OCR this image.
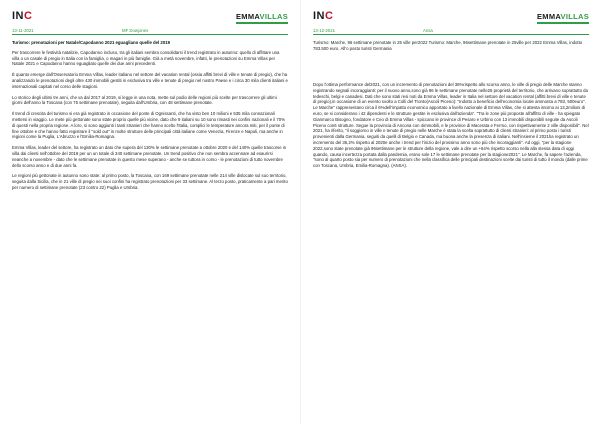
INC	EMMAVILLAS
13-11-2021	MF Dowjones

Turismo: prenotazioni per Natale/Capodanno 2021 eguagliano quelle del 2019

Per trascorrere le festività natalizie, Capodanno incluso, tra gli italiani sembra consolidarsi il trend registrato in autunno: quello di affittare una villa o un casale di pregio in Italia con la famiglia, o magari in più famiglie. Già a metà novembre, infatti, le prenotazioni su Emma Villas per Natale 2021 e Capodanno hanno eguagliato quelle dei due anni precedenti.

È quanto emerge dall'Osservatorio Emma Villas, leader italiano nel settore del vacation rental (ossia affitti brevi di ville e tenute di pregio), che ha analizzando le prenotazioni degli oltre 430 immobili gestiti in esclusiva tra ville e tenute di pregio nel nostro Paese e i circa 30 mila clienti italiani e internazionali capitati nel corso delle stagioni.

Lo storico degli ultimi tre anni, che va dal 2017 al 2019, si legge in una nota, mette sul podio delle regioni più scelte per trascorrere gli ultimi giorni dell'anno la Toscana (con 75 settimane prenotate), seguita dall'Umbria, con 48 settimane prenotate.

Il trend di crescita del turismo si era già registrato in occasione del ponte di Ognissanti, che ha visto ben 10 milioni e 535 mila connazionali mettersi in viaggio. Le mete più gettonate sono state proprio quelle più vicine, dato che 9 italiani su 10 sono rimasti nei confini nazionali e il 70% di questi nella propria regione. A loro, si sono aggiunti i tanti stranieri che hanno scelto l'Italia, complici le temperature ancora miti, per il ponte di fine ottobre e che hanno fatto registrare il "sold out" in molte strutture delle principali città italiane come Venezia, Firenze e Napoli, ma anche in regioni come la Puglia, L'Abruzzo e l'Emilia-Romagna.

Emma Villas, leader del settore, ha registrato un dato che supera del 130% le settimane prenotate a ottobre 2020 e del 140% quelle trascorse in villa dai clienti nell'ottobre del 2019 per un un totale di 340 settimane prenotate. Un trend positivo che non sembra accennare ad esaurirsi neanche a novembre - dato che le settimane prenotate in questo mese superano - anche se tuttora in corso - le prenotazioni di tutto novembre dello scorso anno e di due anni fa.

Le regioni più gettonate in autunno sono state: al primo posto, la Toscana, con 169 settimane prenotate nelle 214 ville dislocate sul suo territorio, seguita dalla Sicilia, che in 21 ville di pregio nei suoi confini ha registrato prenotazioni per 33 settimane. Al terzo posto, praticamente a pari merito per numero di settimane prenotate (23 contro 22) Puglia e Umbria.

INC	EMMAVILLAS
13-12-2021	Ansa

Turismo: Marche, 96 settimane prenotate in 25 ville per2022 Turismo: Marche, 96settimane prenotate in 25ville per 2022 Emma Villas, indotto 783.500 euro. All'o posto turisti Germania

Dopo l'ottima performance del2021, con un incremento di prenotazioni del 36%rispetto allo scorso anno, le ville di pregio delle Marche stanno registrando segnali incoraggianti: per il nuovo anno,sono già 96 le settimane prenotate nelle25 proprietà del territorio, che arrivano soprattutto da tedeschi, belgi e canadesi. Dati che sono stati resi noti da Emma Villas, leader in Italia nel settore del vacation rental (affitti brevi di ville e tenute di pregio),in occasione di un evento svolto a Colli del Tronto(Ascoli Piceno): "Indotto a beneficio dell'economia locale ammonta a 783, 500euro". Le Marche" rappresentano circa il 6%dell'impatto economico apportato a livello nazionale di Emma Villas, che si attesta intorno ai 13,2milioni di euro, se si considerano i 42 dipendenti e le strutture gestite in esclusiva dall'azienda". "Tra le zone più proposte all'affitto di ville - ha spiegato Gianmarco Bisogno, fondatore e Ceo di Emma Villas - spiccano le province di Pesaro e Urbino con 13 immobili disponibili seguite da Ascoli Piceno con6 strutture. Segue la provincia di Ancona con 4immobili, e le province di Macerata e Fermo, con rispettivamente 2 ville disponibili". Nel 2021, ha riferito, "il soggiorno in ville e tenute di pregio nelle Marche è stata la scelta soprattutto di clienti stranieri: al primo posto i turisti provenienti dalla Germania, seguiti da quelli di Belgio e Canada, ma buona anche la presenza di italiani. Nell'insieme il 2021ha registrato un incremento del 36,2% rispetto al 2020e anche i trend per l'inizio del prossimo anno sono più che incoraggianti". Ad oggi, "per la stagione 2022,sono state prenotate già 96settimane per le strutture della regione, vale a dire un +64% rispetto scorso nella alla stessa data di oggi quando, causa incertezza portata dalla pandemia, erano sole 17 le settimane prenotate per la stagione2021". Le Marche, fa sapere l'azienda, "sono al quarto posto sia per numero di prenotazioni che nella classifica delle principali destinazioni scelte dai turisti di tutto il mondo (dalle prime con Toscana, Umbria, Emilia-Romagna). (ANSA).
